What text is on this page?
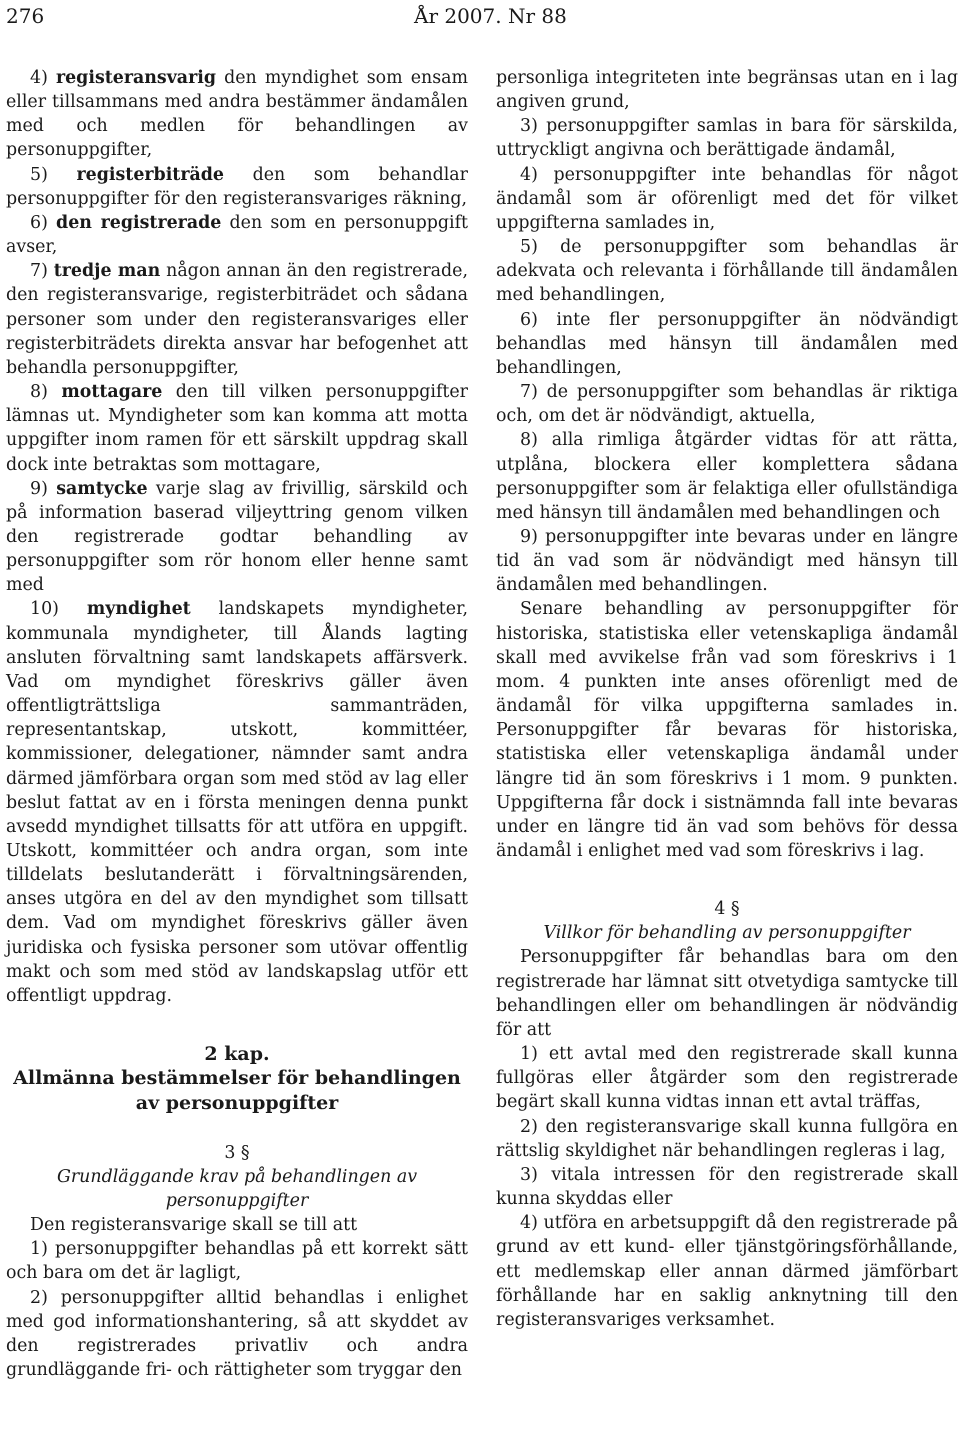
276	År 2007. Nr 88

4) registeransvarig den myndighet som ensam eller tillsammans med andra bestämmer ändamålen med och medlen för behandlingen av personuppgifter,

5) registerbiträde den som behandlar personuppgifter för den registeransvariges räkning,

6) den registrerade den som en personuppgift avser,

7) tredje man någon annan än den registrerade, den registeransvarige, registerbiträdet och sådana personer som under den registeransvariges eller registerbiträdets direkta ansvar har befogenhet att behandla personuppgifter,

8) mottagare den till vilken personuppgifter lämnas ut. Myndigheter som kan komma att motta uppgifter inom ramen för ett särskilt uppdrag skall dock inte betraktas som mottagare,

9) samtycke varje slag av frivillig, särskild och på information baserad viljeyttring genom vilken den registrerade godtar behandling av personuppgifter som rör honom eller henne samt med

10) myndighet landskapets myndigheter, kommunala myndigheter, till Ålands lagting ansluten förvaltning samt landskapets affärsverk. Vad om myndighet föreskrivs gäller även offentligträttsliga sammanträden, representantskap, utskott, kommittéer, kommissioner, delegationer, nämnder samt andra därmed jämförbara organ som med stöd av lag eller beslut fattat av en i första meningen denna punkt avsedd myndighet tillsatts för att utföra en uppgift. Utskott, kommittéer och andra organ, som inte tilldelats beslutanderätt i förvaltningsärenden, anses utgöra en del av den myndighet som tillsatt dem. Vad om myndighet föreskrivs gäller även juridiska och fysiska personer som utövar offentlig makt och som med stöd av landskapslag utför ett offentligt uppdrag.

2 kap.

Allmänna bestämmelser för behandlingen av personuppgifter

3 §

Grundläggande krav på behandlingen av personuppgifter

Den registeransvarige skall se till att

1) personuppgifter behandlas på ett korrekt sätt och bara om det är lagligt,

2) personuppgifter alltid behandlas i enlighet med god informationshantering, så att skyddet av den registrerades privatliv och andra grundläggande fri- och rättigheter som tryggar den

personliga integriteten inte begränsas utan en i lag angiven grund,

3) personuppgifter samlas in bara för särskilda, uttryckligt angivna och berättigade ändamål,

4) personuppgifter inte behandlas för något ändamål som är oförenligt med det för vilket uppgifterna samlades in,

5) de personuppgifter som behandlas är adekvata och relevanta i förhållande till ändamålen med behandlingen,

6) inte fler personuppgifter än nödvändigt behandlas med hänsyn till ändamålen med behandlingen,

7) de personuppgifter som behandlas är riktiga och, om det är nödvändigt, aktuella,

8) alla rimliga åtgärder vidtas för att rätta, utplåna, blockera eller komplettera sådana personuppgifter som är felaktiga eller ofullständiga med hänsyn till ändamålen med behandlingen och

9) personuppgifter inte bevaras under en längre tid än vad som är nödvändigt med hänsyn till ändamålen med behandlingen.

Senare behandling av personuppgifter för historiska, statistiska eller vetenskapliga ändamål skall med avvikelse från vad som föreskrivs i 1 mom. 4 punkten inte anses oförenligt med de ändamål för vilka uppgifterna samlades in. Personuppgifter får bevaras för historiska, statistiska eller vetenskapliga ändamål under längre tid än som föreskrivs i 1 mom. 9 punkten. Uppgifterna får dock i sistnämnda fall inte bevaras under en längre tid än vad som behövs för dessa ändamål i enlighet med vad som föreskrivs i lag.

4 §

Villkor för behandling av personuppgifter

Personuppgifter får behandlas bara om den registrerade har lämnat sitt otvetydiga samtycke till behandlingen eller om behandlingen är nödvändig för att

1) ett avtal med den registrerade skall kunna fullgöras eller åtgärder som den registrerade begärt skall kunna vidtas innan ett avtal träffas,

2) den registeransvarige skall kunna fullgöra en rättslig skyldighet när behandlingen regleras i lag,

3) vitala intressen för den registrerade skall kunna skyddas eller

4) utföra en arbetsuppgift då den registrerade på grund av ett kund- eller tjänstgöringsförhållande, ett medlemskap eller annan därmed jämförbart förhållande har en saklig anknytning till den registeransvariges verksamhet.
